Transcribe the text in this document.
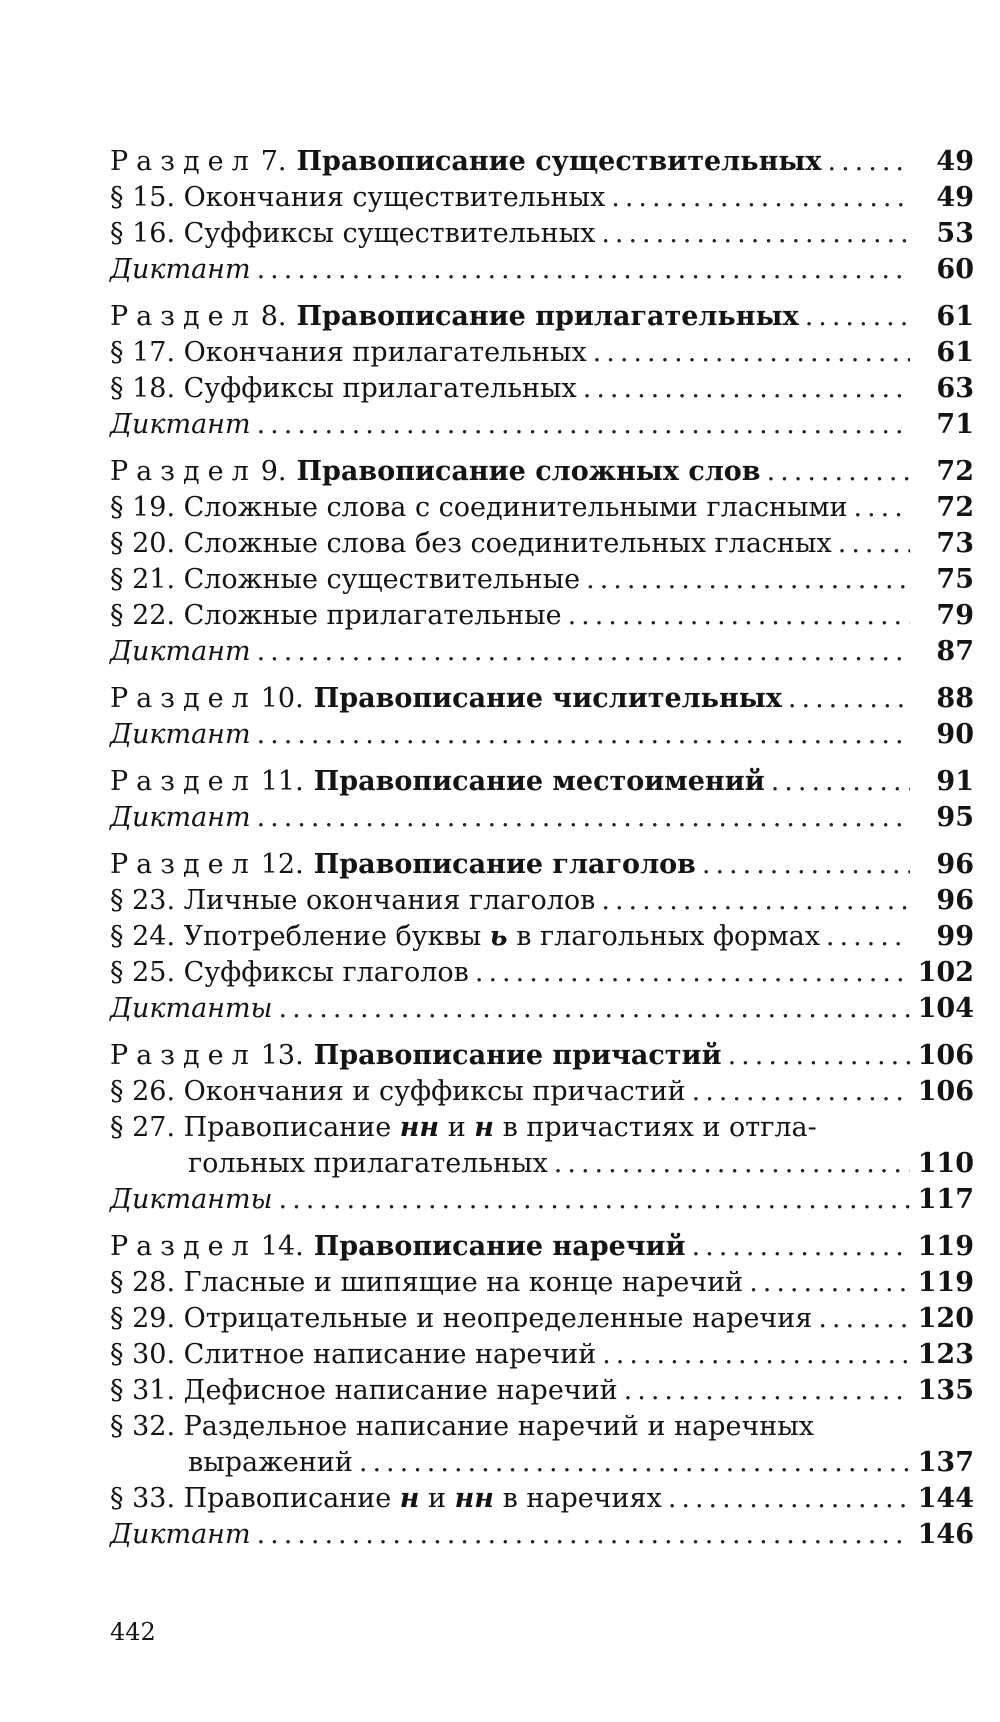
Раздел 7. Правописание существительных .....	49
§ 15. Окончания существительных .....	49
§ 16. Суффиксы существительных .....	53
Диктант .....	60
Раздел 8. Правописание прилагательных .....	61
§ 17. Окончания прилагательных .....	61
§ 18. Суффиксы прилагательных .....	63
Диктант .....	71
Раздел 9. Правописание сложных слов .....	72
§ 19. Сложные слова с соединительными гласными .....	72
§ 20. Сложные слова без соединительных гласных .....	73
§ 21. Сложные существительные .....	75
§ 22. Сложные прилагательные .....	79
Диктант .....	87
Раздел 10. Правописание числительных .....	88
Диктант .....	90
Раздел 11. Правописание местоимений .....	91
Диктант .....	95
Раздел 12. Правописание глаголов .....	96
§ 23. Личные окончания глаголов .....	96
§ 24. Употребление буквы ь в глагольных формах .....	99
§ 25. Суффиксы глаголов .....	102
Диктанты .....	104
Раздел 13. Правописание причастий .....	106
§ 26. Окончания и суффиксы причастий .....	106
§ 27. Правописание нн и н в причастиях и отгла-
гольных прилагательных .....	110
Диктанты .....	117
Раздел 14. Правописание наречий .....	119
§ 28. Гласные и шипящие на конце наречий .....	119
§ 29. Отрицательные и неопределенные наречия .....	120
§ 30. Слитное написание наречий .....	123
§ 31. Дефисное написание наречий .....	135
§ 32. Раздельное написание наречий и наречных
выражений .....	137
§ 33. Правописание н и нн в наречиях .....	144
Диктант .....	146
442
